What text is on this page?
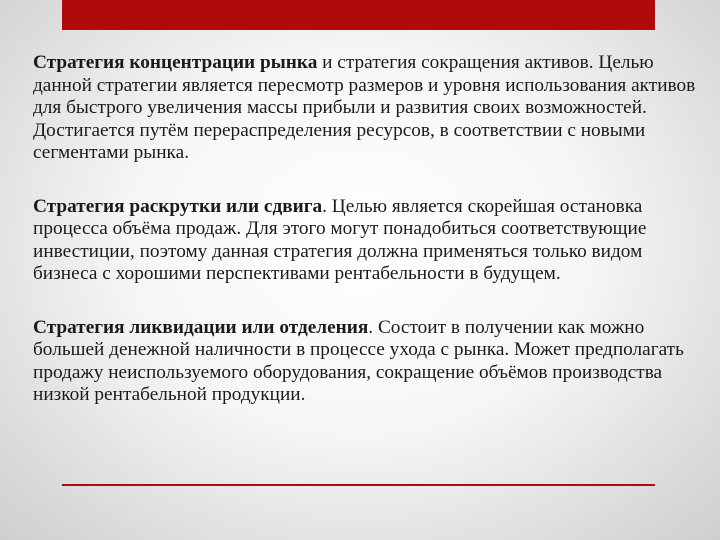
Стратегия концентрации рынка и стратегия сокращения активов. Целью данной стратегии является пересмотр размеров и уровня использования активов для быстрого увеличения массы прибыли и развития своих возможностей. Достигается путём перераспределения ресурсов, в соответствии с новыми сегментами рынка.

Стратегия раскрутки или сдвига. Целью является скорейшая остановка процесса объёма продаж. Для этого могут понадобиться соответствующие инвестиции, поэтому данная стратегия должна применяться только видом бизнеса с хорошими перспективами рентабельности в будущем.

Стратегия ликвидации или отделения. Состоит в получении как можно большей денежной наличности в процессе ухода с рынка. Может предполагать продажу неиспользуемого оборудования, сокращение объёмов производства низкой рентабельной продукции.
